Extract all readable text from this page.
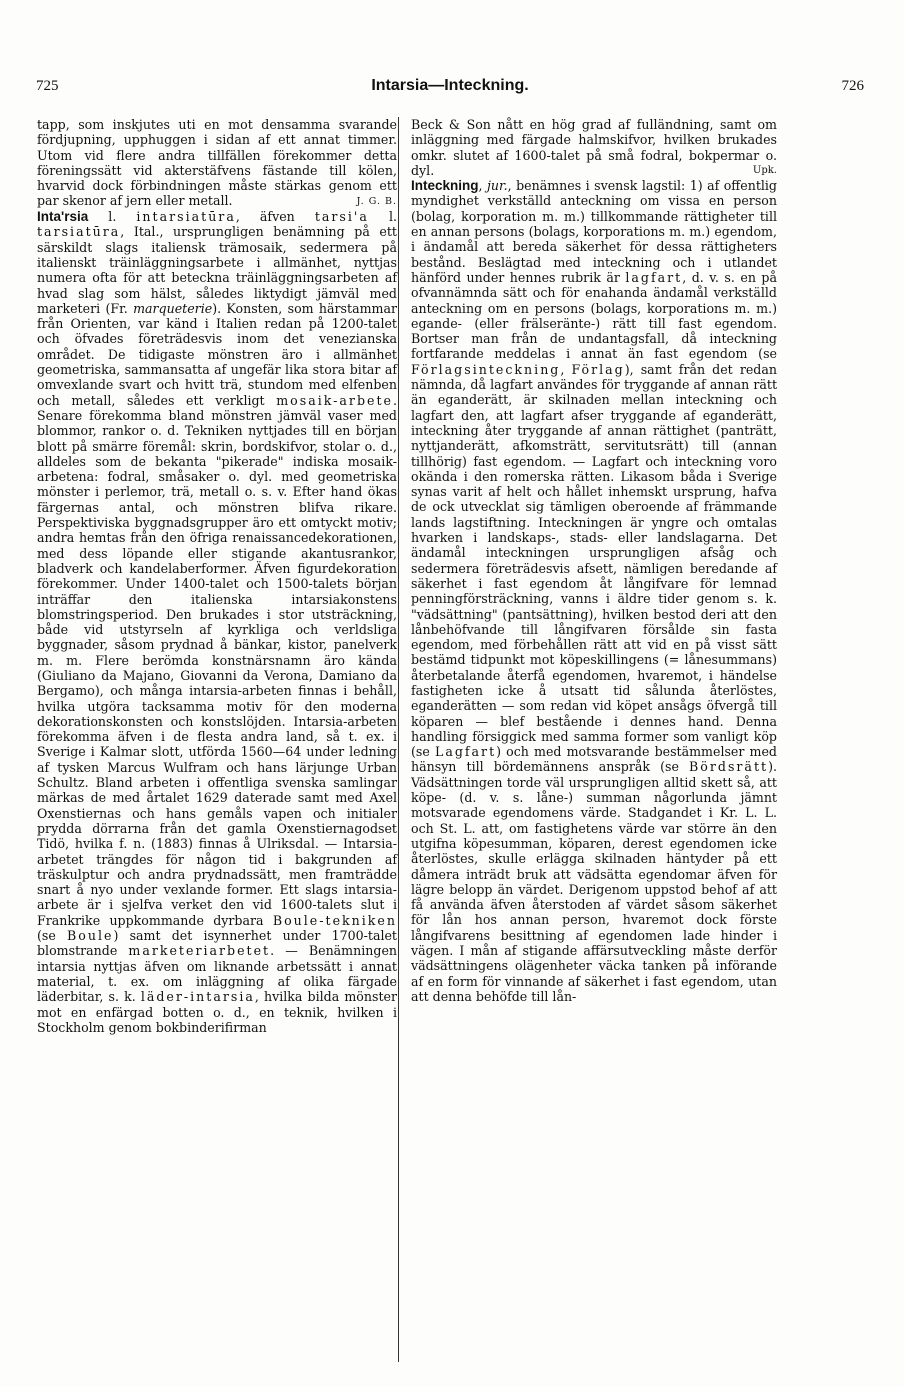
725	Intarsia—Inteckning.	726

tapp, som inskjutes uti en mot densamma svarande fördjupning, upphuggen i sidan af ett annat timmer. Utom vid flere andra tillfällen förekommer detta föreningssätt vid akterstäfvens fästande till kölen, hvarvid dock förbindningen måste stärkas genom ett par skenor af jern eller metall.	J. G. B.

Inta'rsia l. intarsiatūra, äfven tarsi'a l. tarsiatūra, Ital., ursprungligen benämning på ett särskildt slags italiensk trämosaik, sedermera på italienskt träinläggningsarbete i allmänhet, nyttjas numera ofta för att beteckna träinläggningsarbeten af hvad slag som hälst, således liktydigt jämväl med marketeri (Fr. marqueterie). Konsten, som härstammar från Orienten, var känd i Italien redan på 1200-talet och öfvades företrädesvis inom det venezianska området. De tidigaste mönstren äro i allmänhet geometriska, sammansatta af ungefär lika stora bitar af omvexlande svart och hvitt trä, stundom med elfenben och metall, således ett verkligt mosaik-arbete. Senare förekomma bland mönstren jämväl vaser med blommor, rankor o. d. Tekniken nyttjades till en början blott på smärre föremål: skrin, bordskifvor, stolar o. d., alldeles som de bekanta "pikerade" indiska mosaik-arbetena: fodral, småsaker o. dyl. med geometriska mönster i perlemor, trä, metall o. s. v. Efter hand ökas färgernas antal, och mönstren blifva rikare. Perspektiviska byggnadsgrupper äro ett omtyckt motiv; andra hemtas från den öfriga renaissancedekorationen, med dess löpande eller stigande akantusrankor, bladverk och kandelaberformer. Äfven figurdekoration förekommer. Under 1400-talet och 1500-talets början inträffar den italienska intarsiakonstens blomstringsperiod. Den brukades i stor utsträckning, både vid utstyrseln af kyrkliga och verldsliga byggnader, såsom prydnad å bänkar, kistor, panelverk m. m. Flere berömda konstnärsnamn äro kända (Giuliano da Majano, Giovanni da Verona, Damiano da Bergamo), och många intarsia-arbeten finnas i behåll, hvilka utgöra tacksamma motiv för den moderna dekorationskonsten och konstslöjden. Intarsia-arbeten förekomma äfven i de flesta andra land, så t. ex. i Sverige i Kalmar slott, utförda 1560—64 under ledning af tysken Marcus Wulfram och hans lärjunge Urban Schultz. Bland arbeten i offentliga svenska samlingar märkas de med årtalet 1629 daterade samt med Axel Oxenstiernas och hans gemåls vapen och initialer prydda dörrarna från det gamla Oxenstiernagodset Tidö, hvilka f. n. (1883) finnas å Ulriksdal. — Intarsia-arbetet trängdes för någon tid i bakgrunden af träskulptur och andra prydnadssätt, men framträdde snart å nyo under vexlande former. Ett slags intarsia-arbete är i sjelfva verket den vid 1600-talets slut i Frankrike uppkommande dyrbara Boule-tekniken (se Boule) samt det isynnerhet under 1700-talet blomstrande marketeriarbetet. — Benämningen intarsia nyttjas äfven om liknande arbetssätt i annat material, t. ex. om inläggning af olika färgade läderbitar, s. k. läder-intarsia, hvilka bilda mönster mot en enfärgad botten o. d., en teknik, hvilken i Stockholm genom bokbinderifirman

Beck & Son nått en hög grad af fulländning, samt om inläggning med färgade halmskifvor, hvilken brukades omkr. slutet af 1600-talet på små fodral, bokpermar o. dyl.	Upk.

Inteckning, jur., benämnes i svensk lagstil: 1) af offentlig myndighet verkställd anteckning om vissa en person (bolag, korporation m. m.) tillkommande rättigheter till en annan persons (bolags, korporations m. m.) egendom, i ändamål att bereda säkerhet för dessa rättigheters bestånd. Beslägtad med inteckning och i utlandet hänförd under hennes rubrik är lagfart, d. v. s. en på ofvannämnda sätt och för enahanda ändamål verkställd anteckning om en persons (bolags, korporations m. m.) egande- (eller frälseränte-) rätt till fast egendom. Bortser man från de undantagsfall, då inteckning fortfarande meddelas i annat än fast egendom (se Förlagsinteckning, Förlag), samt från det redan nämnda, då lagfart användes för tryggande af annan rätt än eganderätt, är skilnaden mellan inteckning och lagfart den, att lagfart afser tryggande af eganderätt, inteckning åter tryggande af annan rättighet (panträtt, nyttjanderätt, afkomsträtt, servitutsrätt) till (annan tillhörig) fast egendom. — Lagfart och inteckning voro okända i den romerska rätten. Likasom båda i Sverige synas varit af helt och hållet inhemskt ursprung, hafva de ock utvecklat sig tämligen oberoende af främmande lands lagstiftning. Inteckningen är yngre och omtalas hvarken i landskaps-, stads- eller landslagarna. Det ändamål inteckningen ursprungligen afsåg och sedermera företrädesvis afsett, nämligen beredande af säkerhet i fast egendom åt långifvare för lemnad penningförsträckning, vanns i äldre tider genom s. k. "vädsättning" (pantsättning), hvilken bestod deri att den lånbehöfvande till långifvaren försålde sin fasta egendom, med förbehållen rätt att vid en på visst sätt bestämd tidpunkt mot köpeskillingens (= lånesummans) återbetalande återfå egendomen, hvaremot, i händelse fastigheten icke å utsatt tid sålunda återlöstes, eganderätten — som redan vid köpet ansågs öfvergå till köparen — blef bestående i dennes hand. Denna handling försiggick med samma former som vanligt köp (se Lagfart) och med motsvarande bestämmelser med hänsyn till bördemännens anspråk (se Bördsrätt). Vädsättningen torde väl ursprungligen alltid skett så, att köpe- (d. v. s. låne-) summan någorlunda jämnt motsvarade egendomens värde. Stadgandet i Kr. L. L. och St. L. att, om fastighetens värde var större än den utgifna köpesumman, köparen, derest egendomen icke återlöstes, skulle erlägga skilnaden häntyder på ett dåmera inträdt bruk att vädsätta egendomar äfven för lägre belopp än värdet. Derigenom uppstod behof af att få använda äfven återstoden af värdet såsom säkerhet för lån hos annan person, hvaremot dock förste långifvarens besittning af egendomen lade hinder i vägen. I mån af stigande affärsutveckling måste derför vädsättningens olägenheter väcka tanken på införande af en form för vinnande af säkerhet i fast egendom, utan att denna behöfde till lån-
